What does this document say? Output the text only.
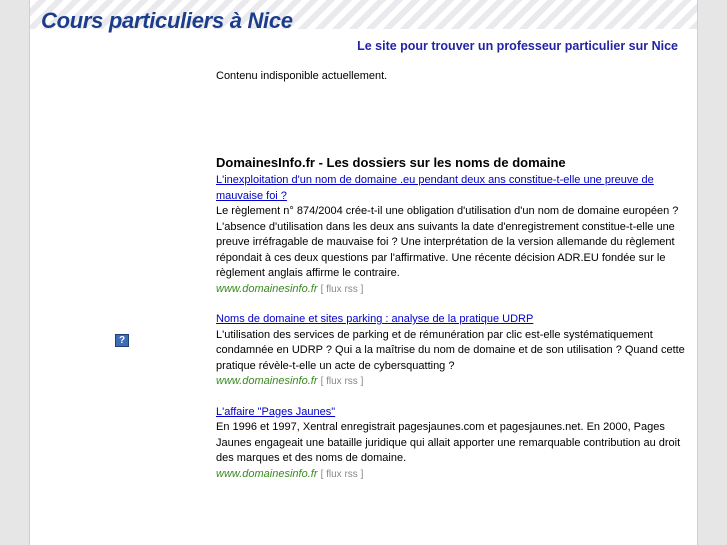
Cours particuliers à Nice
Le site pour trouver un professeur particulier sur Nice

Contenu indisponible actuellement.

?
DomainesInfo.fr - Les dossiers sur les noms de domaine
L'inexploitation d'un nom de domaine .eu pendant deux ans constitue-t-elle une preuve de mauvaise foi ?

Le règlement n° 874/2004 crée-t-il une obligation d'utilisation d'un nom de domaine européen ? L'absence d'utilisation dans les deux ans suivants la date d'enregistrement constitue-t-elle une preuve irréfragable de mauvaise foi ? Une interprétation de la version allemande du règlement répondait à ces deux questions par l'affirmative. Une récente décision ADR.EU fondée sur le règlement anglais affirme le contraire.

www.domainesinfo.fr [ flux rss ]
Noms de domaine et sites parking : analyse de la pratique UDRP

L'utilisation des services de parking et de rémunération par clic est-elle systématiquement condamnée en UDRP ? Qui a la maîtrise du nom de domaine et de son utilisation ? Quand cette pratique révèle-t-elle un acte de cybersquatting ?

www.domainesinfo.fr [ flux rss ]
L'affaire "Pages Jaunes"

En 1996 et 1997, Xentral enregistrait pagesjaunes.com et pagesjaunes.net. En 2000, Pages Jaunes engageait une bataille juridique qui allait apporter une remarquable contribution au droit des marques et des noms de domaine.

www.domainesinfo.fr [ flux rss ]
